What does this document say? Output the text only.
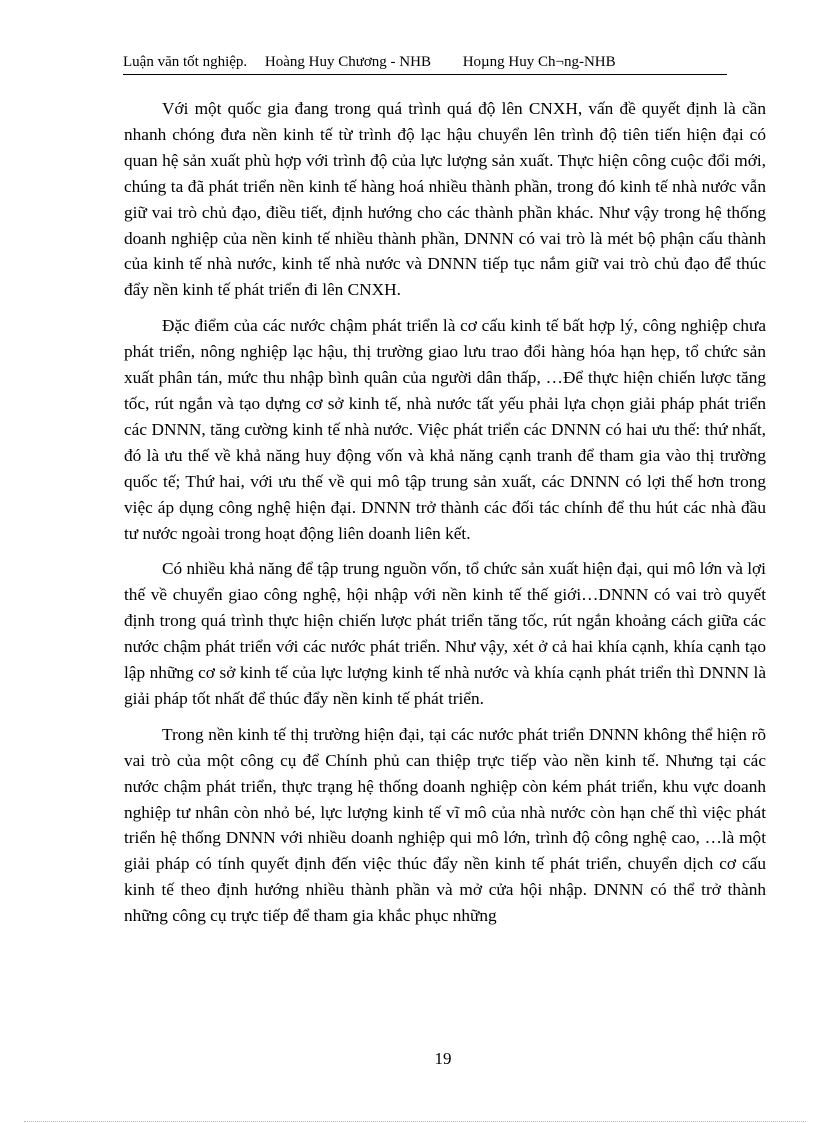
Luận văn tốt nghiệp. Hoàng Huy Chương - NHB Hoµng Huy Ch¬ng-NHB

Với một quốc gia đang trong quá trình quá độ lên CNXH, vấn đề quyết định là cần nhanh chóng đưa nền kinh tế từ trình độ lạc hậu chuyển lên trình độ tiên tiến hiện đại có quan hệ sản xuất phù hợp với trình độ của lực lượng sản xuất. Thực hiện công cuộc đổi mới, chúng ta đã phát triển nền kinh tế hàng hoá nhiều thành phần, trong đó kinh tế nhà nước vẫn giữ vai trò chủ đạo, điều tiết, định hướng cho các thành phần khác. Như vậy trong hệ thống doanh nghiệp của nền kinh tế nhiều thành phần, DNNN có vai trò là mét bộ phận cấu thành của kinh tế nhà nước, kinh tế nhà nước và DNNN tiếp tục nắm giữ vai trò chủ đạo để thúc đẩy nền kinh tế phát triển đi lên CNXH.

Đặc điểm của các nước chậm phát triển là cơ cấu kinh tế bất hợp lý, công nghiệp chưa phát triển, nông nghiệp lạc hậu, thị trường giao lưu trao đổi hàng hóa hạn hẹp, tổ chức sản xuất phân tán, mức thu nhập bình quân của người dân thấp, …Để thực hiện chiến lược tăng tốc, rút ngắn và tạo dựng cơ sở kinh tế, nhà nước tất yếu phải lựa chọn giải pháp phát triển các DNNN, tăng cường kinh tế nhà nước. Việc phát triển các DNNN có hai ưu thế: thứ nhất, đó là ưu thế về khả năng huy động vốn và khả năng cạnh tranh để tham gia vào thị trường quốc tế; Thứ hai, với ưu thế về qui mô tập trung sản xuất, các DNNN có lợi thế hơn trong việc áp dụng công nghệ hiện đại. DNNN trở thành các đối tác chính để thu hút các nhà đầu tư nước ngoài trong hoạt động liên doanh liên kết.

Có nhiều khả năng để tập trung nguồn vốn, tổ chức sản xuất hiện đại, qui mô lớn và lợi thế về chuyển giao công nghệ, hội nhập với nền kinh tế thế giới…DNNN có vai trò quyết định trong quá trình thực hiện chiến lược phát triển tăng tốc, rút ngắn khoảng cách giữa các nước chậm phát triển với các nước phát triển. Như vậy, xét ở cả hai khía cạnh, khía cạnh tạo lập những cơ sở kinh tế của lực lượng kinh tế nhà nước và khía cạnh phát triển thì DNNN là giải pháp tốt nhất để thúc đẩy nền kinh tế phát triển.

Trong nền kinh tế thị trường hiện đại, tại các nước phát triển DNNN không thể hiện rõ vai trò của một công cụ để Chính phủ can thiệp trực tiếp vào nền kinh tế. Nhưng tại các nước chậm phát triển, thực trạng hệ thống doanh nghiệp còn kém phát triển, khu vực doanh nghiệp tư nhân còn nhỏ bé, lực lượng kinh tế vĩ mô của nhà nước còn hạn chế thì việc phát triển hệ thống DNNN với nhiều doanh nghiệp qui mô lớn, trình độ công nghệ cao, …là một giải pháp có tính quyết định đến việc thúc đẩy nền kinh tế phát triển, chuyển dịch cơ cấu kinh tế theo định hướng nhiều thành phần và mở cửa hội nhập. DNNN có thể trở thành những công cụ trực tiếp để tham gia khắc phục những

19
